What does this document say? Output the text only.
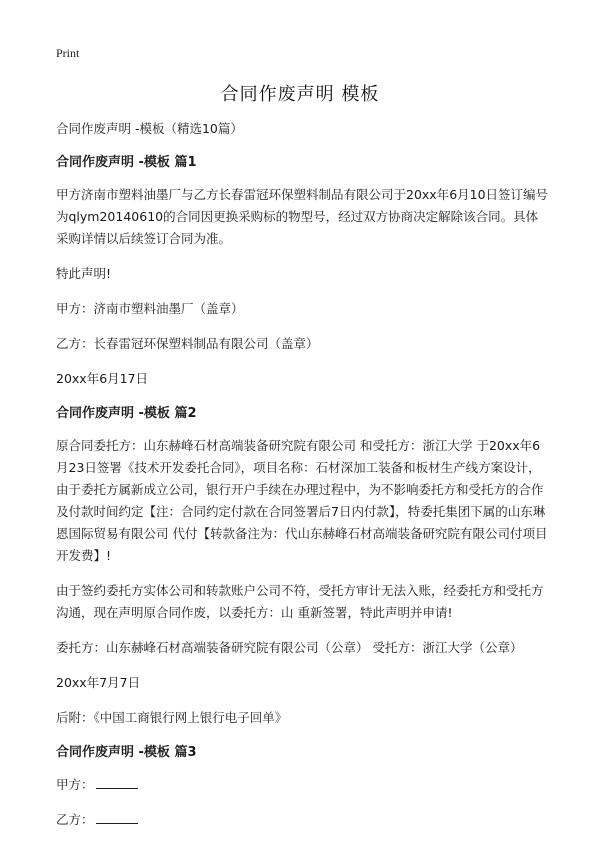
Print
合同作废声明 模板

合同作废声明 -模板（精选10篇）

合同作废声明 -模板 篇1

甲方济南市塑料油墨厂与乙方长春雷冠环保塑料制品有限公司于20xx年6月10日签订编号为qlym20140610的合同因更换采购标的物型号，经过双方协商决定解除该合同。具体采购详情以后续签订合同为准。

特此声明!

甲方：济南市塑料油墨厂（盖章）

乙方：长春雷冠环保塑料制品有限公司（盖章）

20xx年6月17日

合同作废声明 -模板 篇2

原合同委托方：山东赫峰石材高端装备研究院有限公司 和受托方：浙江大学 于20xx年6月23日签署《技术开发委托合同》，项目名称：石材深加工装备和板材生产线方案设计，由于委托方属新成立公司，银行开户手续在办理过程中，为不影响委托方和受托方的合作及付款时间约定【注：合同约定付款在合同签署后7日内付款】，特委托集团下属的山东琳恩国际贸易有限公司 代付【转款备注为：代山东赫峰石材高端装备研究院有限公司付项目开发费】!

由于签约委托方实体公司和转款账户公司不符，受托方审计无法入账，经委托方和受托方沟通，现在声明原合同作废，以委托方：山 重新签署，特此声明并申请!

委托方：山东赫峰石材高端装备研究院有限公司（公章） 受托方：浙江大学（公章）

20xx年7月7日

后附：《中国工商银行网上银行电子回单》

合同作废声明 -模板 篇3

甲方：

乙方：
